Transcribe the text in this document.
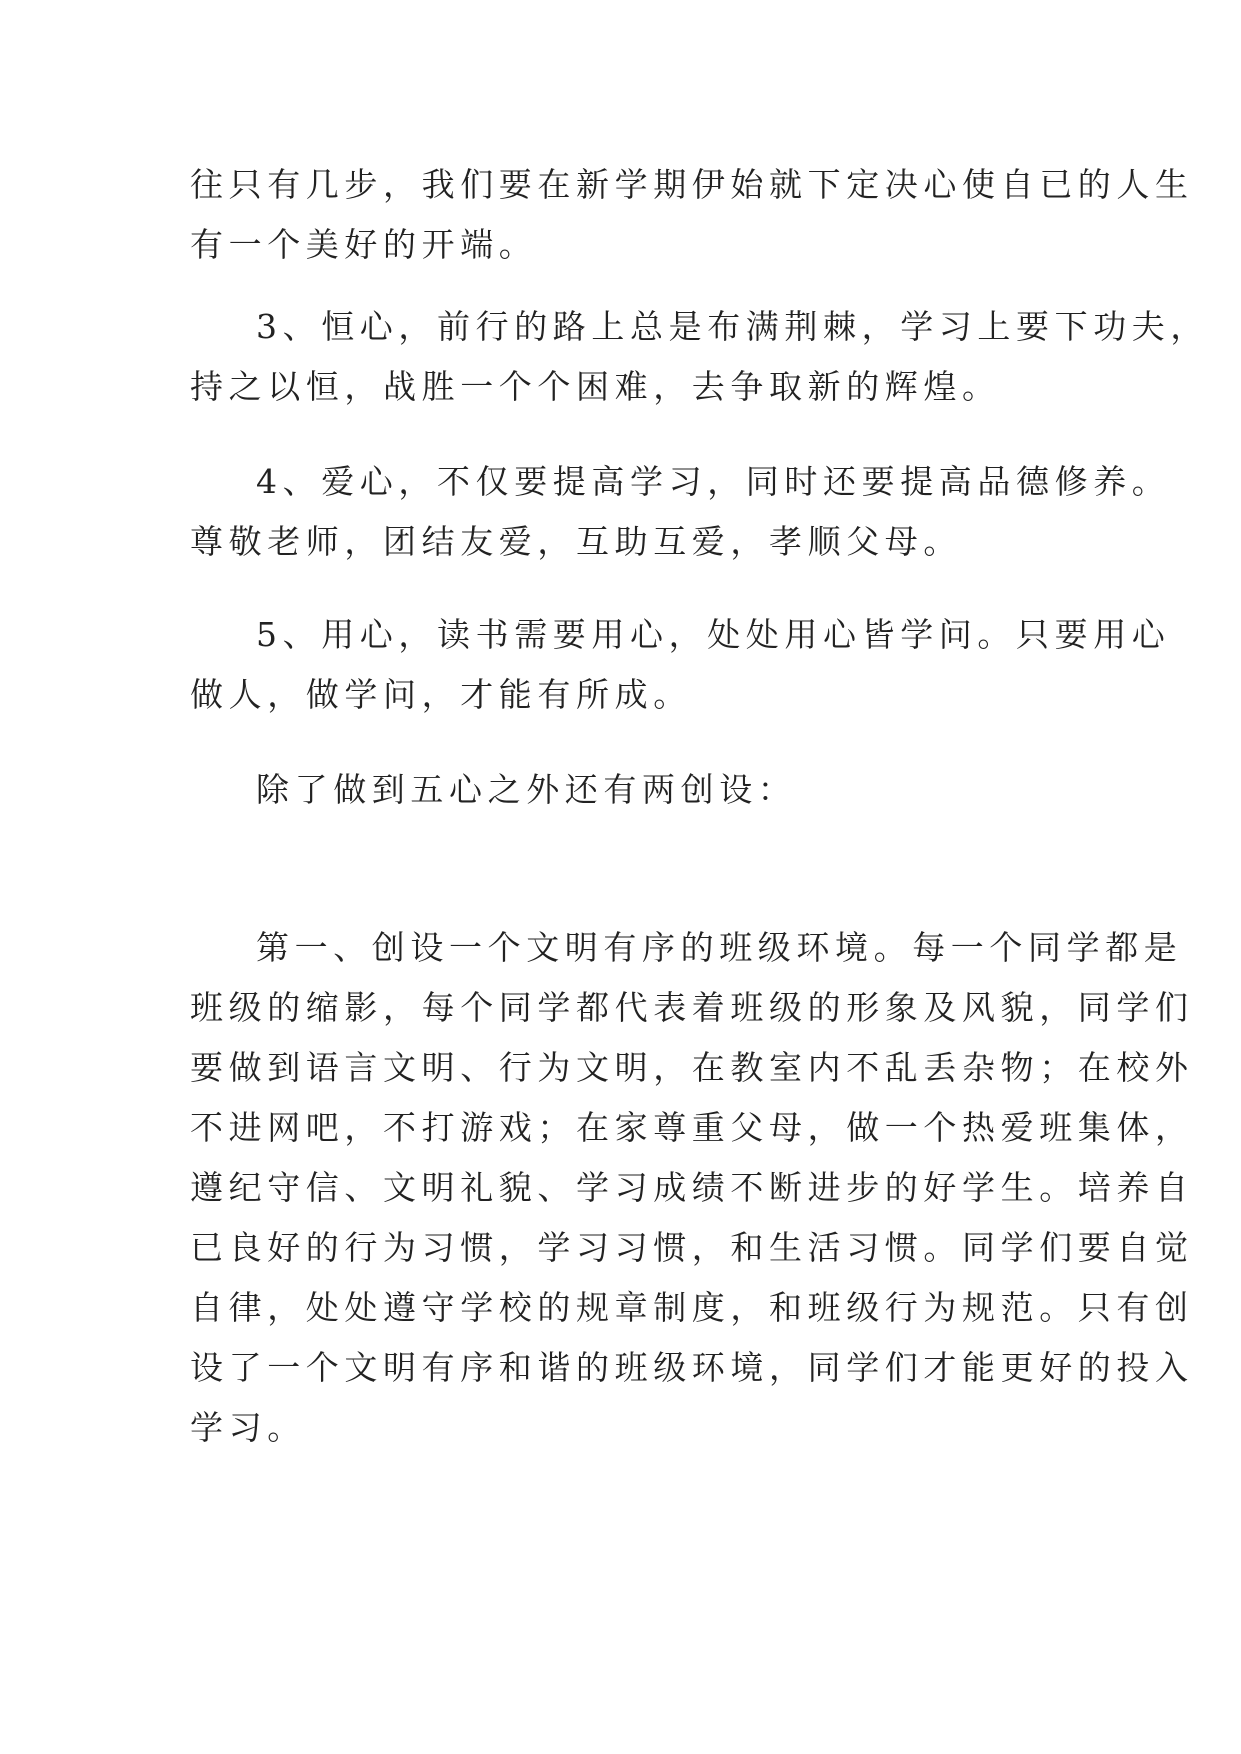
往只有几步，我们要在新学期伊始就下定决心使自已的人生
有一个美好的开端。

3、恒心，前行的路上总是布满荆棘，学习上要下功夫，
持之以恒，战胜一个个困难，去争取新的辉煌。

4、爱心，不仅要提高学习，同时还要提高品德修养。
尊敬老师，团结友爱，互助互爱，孝顺父母。

5、用心，读书需要用心，处处用心皆学问。只要用心
做人，做学问，才能有所成。

除了做到五心之外还有两创设：

第一、创设一个文明有序的班级环境。每一个同学都是
班级的缩影，每个同学都代表着班级的形象及风貌，同学们
要做到语言文明、行为文明，在教室内不乱丢杂物；在校外
不进网吧，不打游戏；在家尊重父母，做一个热爱班集体，
遵纪守信、文明礼貌、学习成绩不断进步的好学生。培养自
已良好的行为习惯，学习习惯，和生活习惯。同学们要自觉
自律，处处遵守学校的规章制度，和班级行为规范。只有创
设了一个文明有序和谐的班级环境，同学们才能更好的投入
学习。
